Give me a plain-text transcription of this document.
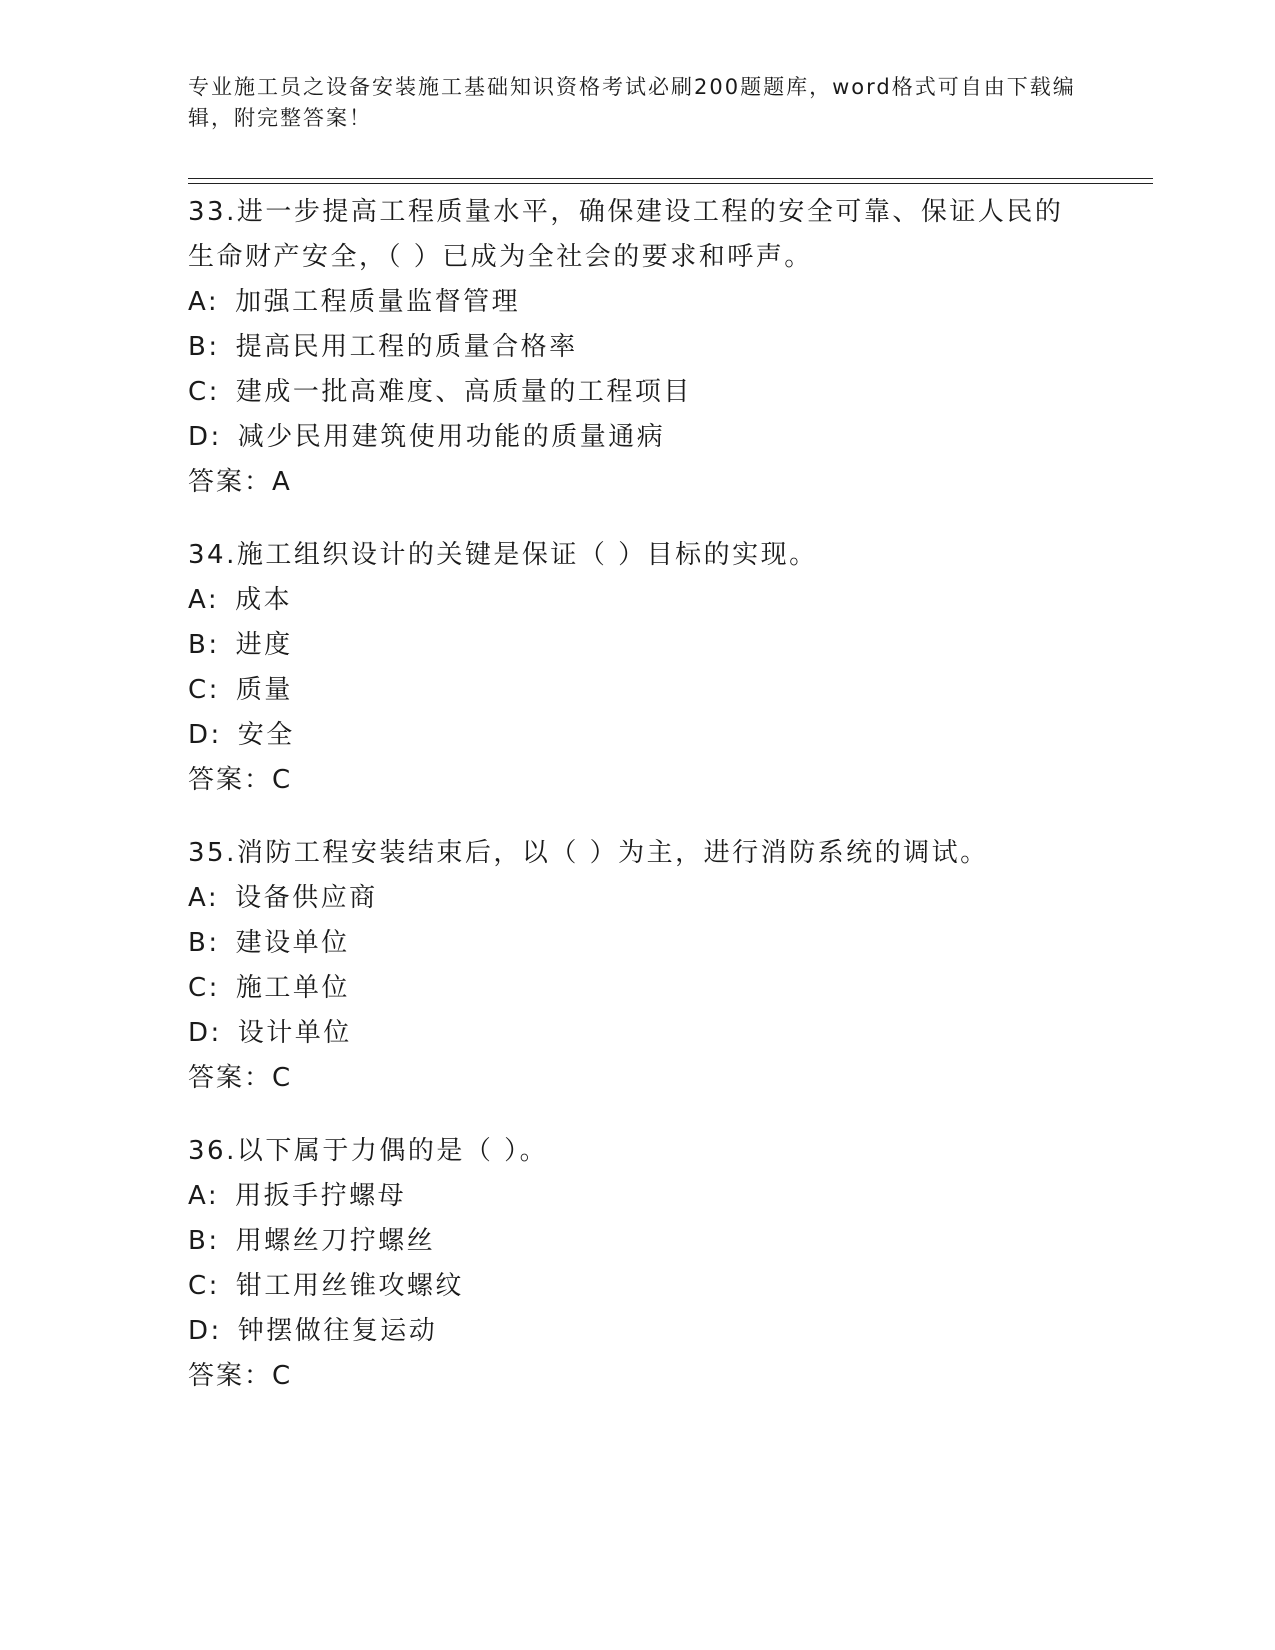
专业施工员之设备安装施工基础知识资格考试必刷200题题库，word格式可自由下载编辑，附完整答案！
33.进一步提高工程质量水平，确保建设工程的安全可靠、保证人民的生命财产安全，（ ）已成为全社会的要求和呼声。
A: 加强工程质量监督管理
B: 提高民用工程的质量合格率
C: 建成一批高难度、高质量的工程项目
D: 减少民用建筑使用功能的质量通病
答案：A
34.施工组织设计的关键是保证（ ）目标的实现。
A: 成本
B: 进度
C: 质量
D: 安全
答案：C
35.消防工程安装结束后，以（ ）为主，进行消防系统的调试。
A: 设备供应商
B: 建设单位
C: 施工单位
D: 设计单位
答案：C
36.以下属于力偶的是（ ）。
A: 用扳手拧螺母
B: 用螺丝刀拧螺丝
C: 钳工用丝锥攻螺纹
D: 钟摆做往复运动
答案：C
